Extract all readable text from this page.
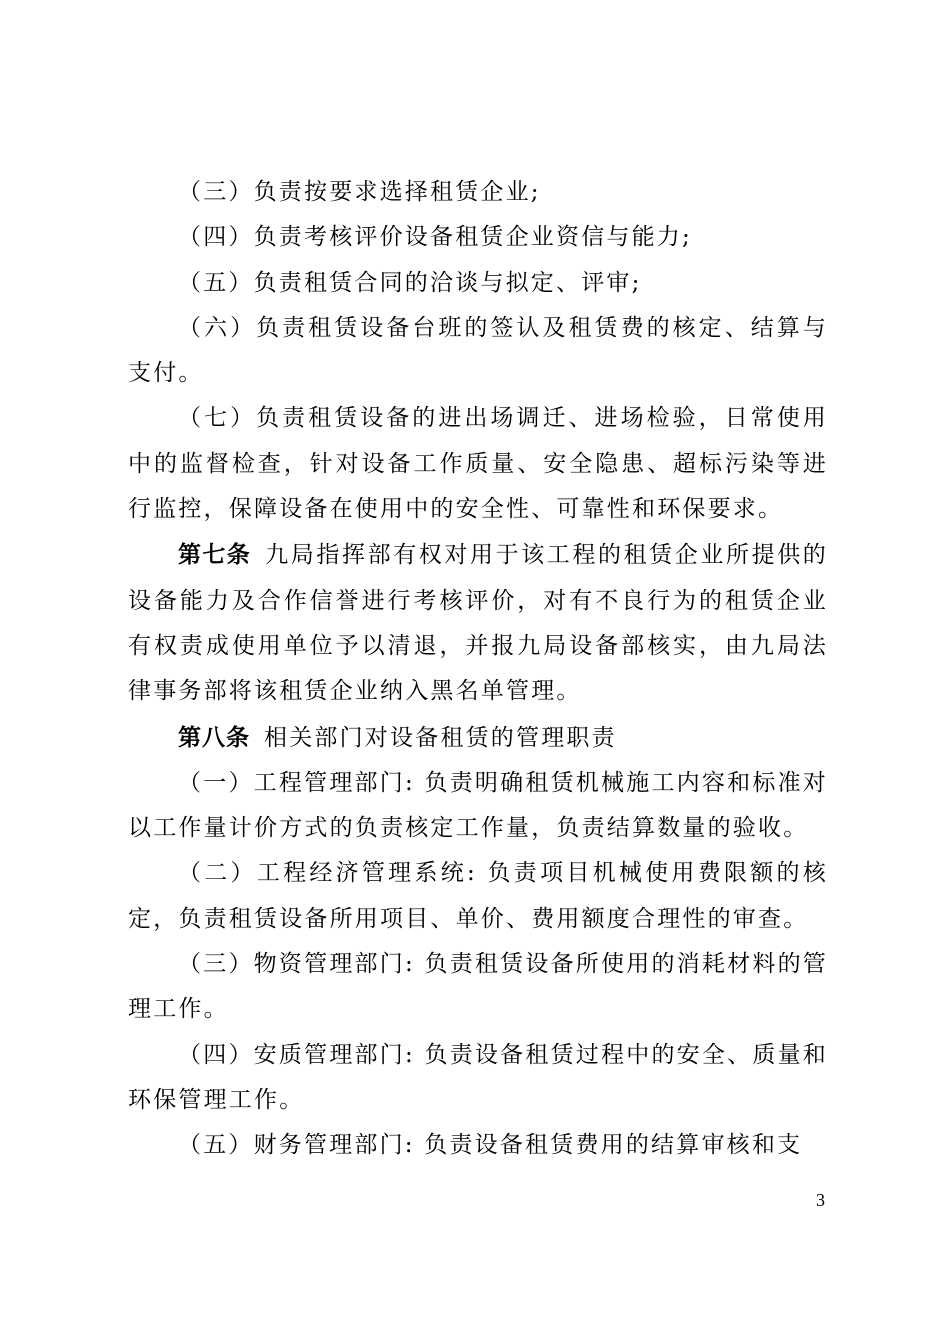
（三）负责按要求选择租赁企业;

（四）负责考核评价设备租赁企业资信与能力;

（五）负责租赁合同的洽谈与拟定、评审;

（六）负责租赁设备台班的签认及租赁费的核定、结算与支付。

（七）负责租赁设备的进出场调迁、进场检验，日常使用中的监督检查，针对设备工作质量、安全隐患、超标污染等进行监控，保障设备在使用中的安全性、可靠性和环保要求。

第七条 九局指挥部有权对用于该工程的租赁企业所提供的设备能力及合作信誉进行考核评价，对有不良行为的租赁企业有权责成使用单位予以清退，并报九局设备部核实，由九局法律事务部将该租赁企业纳入黑名单管理。

第八条 相关部门对设备租赁的管理职责

（一）工程管理部门: 负责明确租赁机械施工内容和标准对以工作量计价方式的负责核定工作量，负责结算数量的验收。

（二）工程经济管理系统: 负责项目机械使用费限额的核定，负责租赁设备所用项目、单价、费用额度合理性的审查。

（三）物资管理部门: 负责租赁设备所使用的消耗材料的管理工作。

（四）安质管理部门: 负责设备租赁过程中的安全、质量和环保管理工作。

（五）财务管理部门: 负责设备租赁费用的结算审核和支

3
